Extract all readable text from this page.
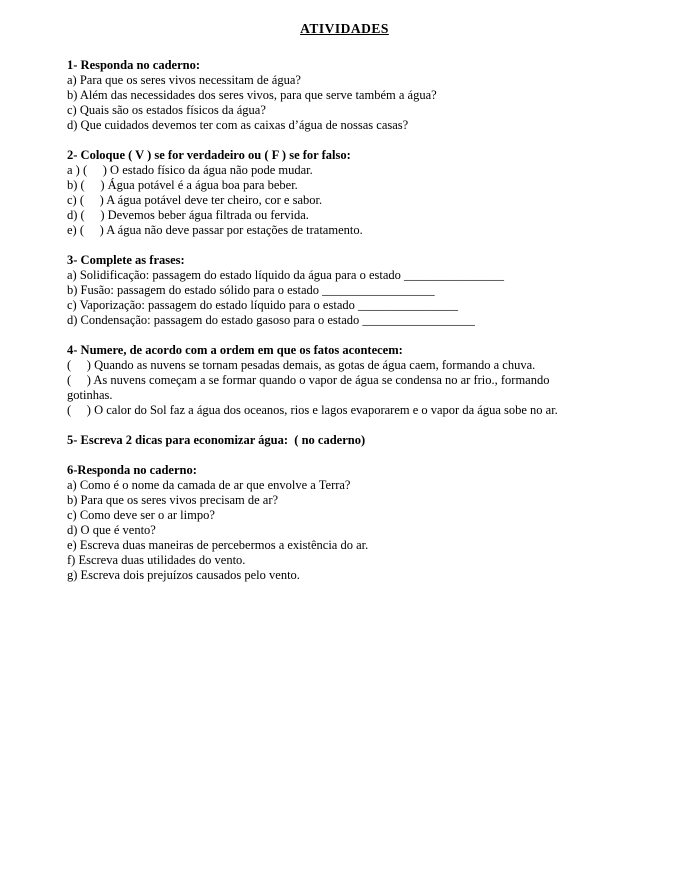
ATIVIDADES

1- Responda no caderno:

a) Para que os seres vivos necessitam de água?

b) Além das necessidades dos seres vivos, para que serve também a água?

c) Quais são os estados físicos da água?

d) Que cuidados devemos ter com as caixas d’água de nossas casas?

2- Coloque ( V ) se for verdadeiro ou ( F ) se for falso:

a ) (     ) O estado físico da água não pode mudar.

b) (     ) Água potável é a água boa para beber.

c) (     ) A água potável deve ter cheiro, cor e sabor.

d) (     ) Devemos beber água filtrada ou fervida.

e) (     ) A água não deve passar por estações de tratamento.

3- Complete as frases:

a) Solidificação: passagem do estado líquido da água para o estado ________________

b) Fusão: passagem do estado sólido para o estado __________________

c) Vaporização: passagem do estado líquido para o estado ________________

d) Condensação: passagem do estado gasoso para o estado __________________

4- Numere, de acordo com a ordem em que os fatos acontecem:

(     ) Quando as nuvens se tornam pesadas demais, as gotas de água caem, formando a chuva.

(     ) As nuvens começam a se formar quando o vapor de água se condensa no ar frio., formando gotinhas.

(     ) O calor do Sol faz a água dos oceanos, rios e lagos evaporarem e o vapor da água sobe no ar.

5- Escreva 2 dicas para economizar água:  ( no caderno)

6-Responda no caderno:

a) Como é o nome da camada de ar que envolve a Terra?

b) Para que os seres vivos precisam de ar?

c) Como deve ser o ar limpo?

d) O que é vento?

e) Escreva duas maneiras de percebermos a existência do ar.

f) Escreva duas utilidades do vento.

g) Escreva dois prejuízos causados pelo vento.
